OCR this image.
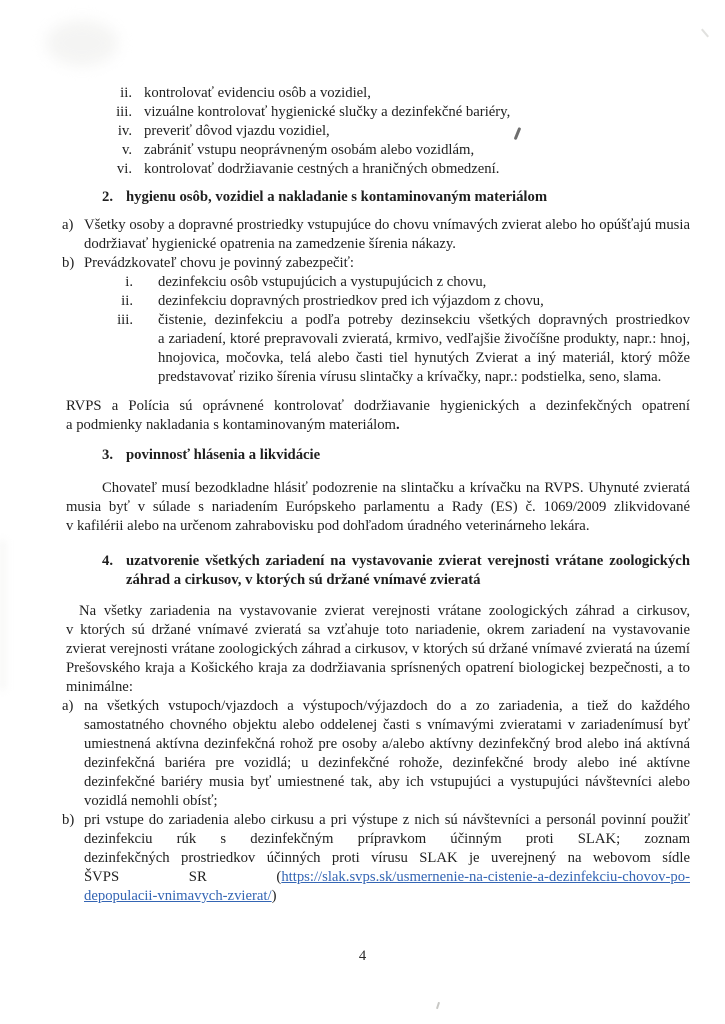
ii. kontrolovať evidenciu osôb a vozidiel,
iii. vizuálne kontrolovať hygienické slučky a dezinfekčné bariéry,
iv. preveriť dôvod vjazdu vozidiel,
v. zabrániť vstupu neoprávneným osobám alebo vozidlám,
vi. kontrolovať dodržiavanie cestných a hraničných obmedzení.
2. hygienu osôb, vozidiel a nakladanie s kontaminovaným materiálom
a) Všetky osoby a dopravné prostriedky vstupujúce do chovu vnímavých zvierat alebo ho opúšťajú musia dodržiavať hygienické opatrenia na zamedzenie šírenia nákazy.
b) Prevádzkovateľ chovu je povinný zabezpečiť:
i. dezinfekciu osôb vstupujúcich a vystupujúcich z chovu,
ii. dezinfekciu dopravných prostriedkov pred ich výjazdom z chovu,
iii. čistenie, dezinfekciu a podľa potreby dezinsekciu všetkých dopravných prostriedkov a zariadení, ktoré prepravovali zvieratá, krmivo, vedľajšie živočíšne produkty, napr.: hnoj, hnojovica, močovka, telá alebo časti tiel hynutých Zvierat a iný materiál, ktorý môže predstavovať riziko šírenia vírusu slintačky a krívačky, napr.: podstielka, seno, slama.
RVPS a Polícia sú oprávnené kontrolovať dodržiavanie hygienických a dezinfekčných opatrení a podmienky nakladania s kontaminovaným materiálom.
3. povinnosť hlásenia a likvidácie
Chovateľ musí bezodkladne hlásiť podozrenie na slintačku a krívačku na RVPS. Uhynuté zvieratá musia byť v súlade s nariadením Európskeho parlamentu a Rady (ES) č. 1069/2009 zlikvidované v kafilérii alebo na určenom zahrabovisku pod dohľadom úradného veterinárneho lekára.
4. uzatvorenie všetkých zariadení na vystavovanie zvierat verejnosti vrátane zoologických záhrad a cirkusov, v ktorých sú držané vnímavé zvieratá
Na všetky zariadenia na vystavovanie zvierat verejnosti vrátane zoologických záhrad a cirkusov, v ktorých sú držané vnímavé zvieratá sa vzťahuje toto nariadenie, okrem zariadení na vystavovanie zvierat verejnosti vrátane zoologických záhrad a cirkusov, v ktorých sú držané vnímavé zvieratá na území Prešovského kraja a Košického kraja za dodržiavania sprísnených opatrení biologickej bezpečnosti, a to minimálne:
a) na všetkých vstupoch/vjazdoch a výstupoch/výjazdoch do a zo zariadenia, a tiež do každého samostatného chovného objektu alebo oddelenej časti s vnímavými zvieratami v zariadenímusí byť umiestnená aktívna dezinfekčná rohož pre osoby a/alebo aktívny dezinfekčný brod alebo iná aktívná dezinfekčná bariéra pre vozidlá; u dezinfekčné rohože, dezinfekčné brody alebo iné aktívne dezinfekčné bariéry musia byť umiestnené tak, aby ich vstupujúci a vystupujúci návštevníci alebo vozidlá nemohli obísť;
b) pri vstupe do zariadenia alebo cirkusu a pri výstupe z nich sú návštevníci a personál povinní použiť dezinfekciu rúk s dezinfekčným prípravkom účinným proti SLAK; zoznam dezinfekčných prostriedkov účinných proti vírusu SLAK je uverejnený na webovom sídle
ŠVPS	SR	(https://slak.svps.sk/usmernenie-na-cistenie-a-dezinfekciu-chovov-po-
depopulacii-vnimavych-zvierat/)
4
